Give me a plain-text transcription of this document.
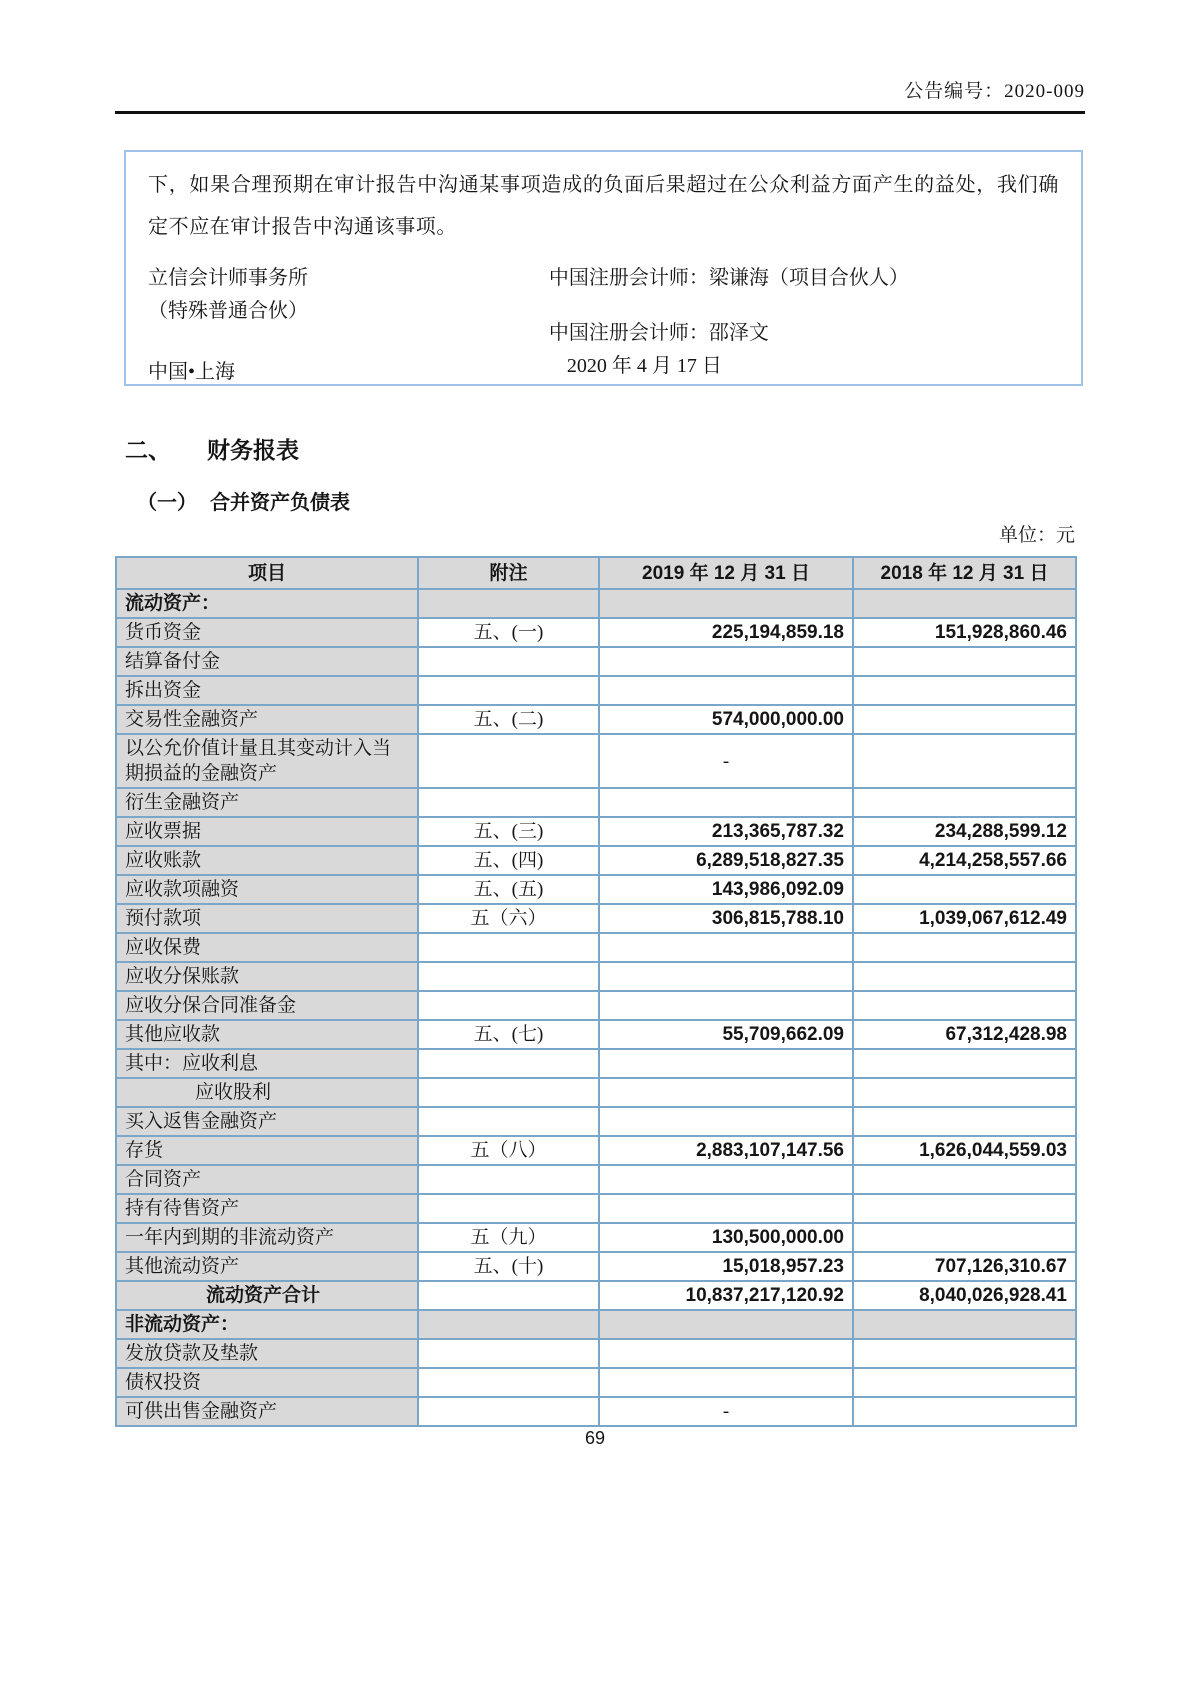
公告编号：2020-009
下，如果合理预期在审计报告中沟通某事项造成的负面后果超过在公众利益方面产生的益处，我们确定不应在审计报告中沟通该事项。
立信会计师事务所
（特殊普通合伙）
中国•上海
中国注册会计师：梁谦海（项目合伙人）
中国注册会计师：邵泽文
2020 年 4 月 17 日
二、 财务报表
（一） 合并资产负债表
单位：元
项目	附注	2019 年 12 月 31 日	2018 年 12 月 31 日
流动资产：			
货币资金	五、(一)	225,194,859.18	151,928,860.46
结算备付金			
拆出资金			
交易性金融资产	五、(二)	574,000,000.00	
以公允价值计量且其变动计入当期损益的金融资产		-	
衍生金融资产			
应收票据	五、(三)	213,365,787.32	234,288,599.12
应收账款	五、(四)	6,289,518,827.35	4,214,258,557.66
应收款项融资	五、(五)	143,986,092.09	
预付款项	五（六）	306,815,788.10	1,039,067,612.49
应收保费			
应收分保账款			
应收分保合同准备金			
其他应收款	五、(七)	55,709,662.09	67,312,428.98
其中：应收利息			
应收股利			
买入返售金融资产			
存货	五（八）	2,883,107,147.56	1,626,044,559.03
合同资产			
持有待售资产			
一年内到期的非流动资产	五（九）	130,500,000.00	
其他流动资产	五、(十)	15,018,957.23	707,126,310.67
流动资产合计		10,837,217,120.92	8,040,026,928.41
非流动资产：			
发放贷款及垫款			
债权投资			
可供出售金融资产		-	
69
